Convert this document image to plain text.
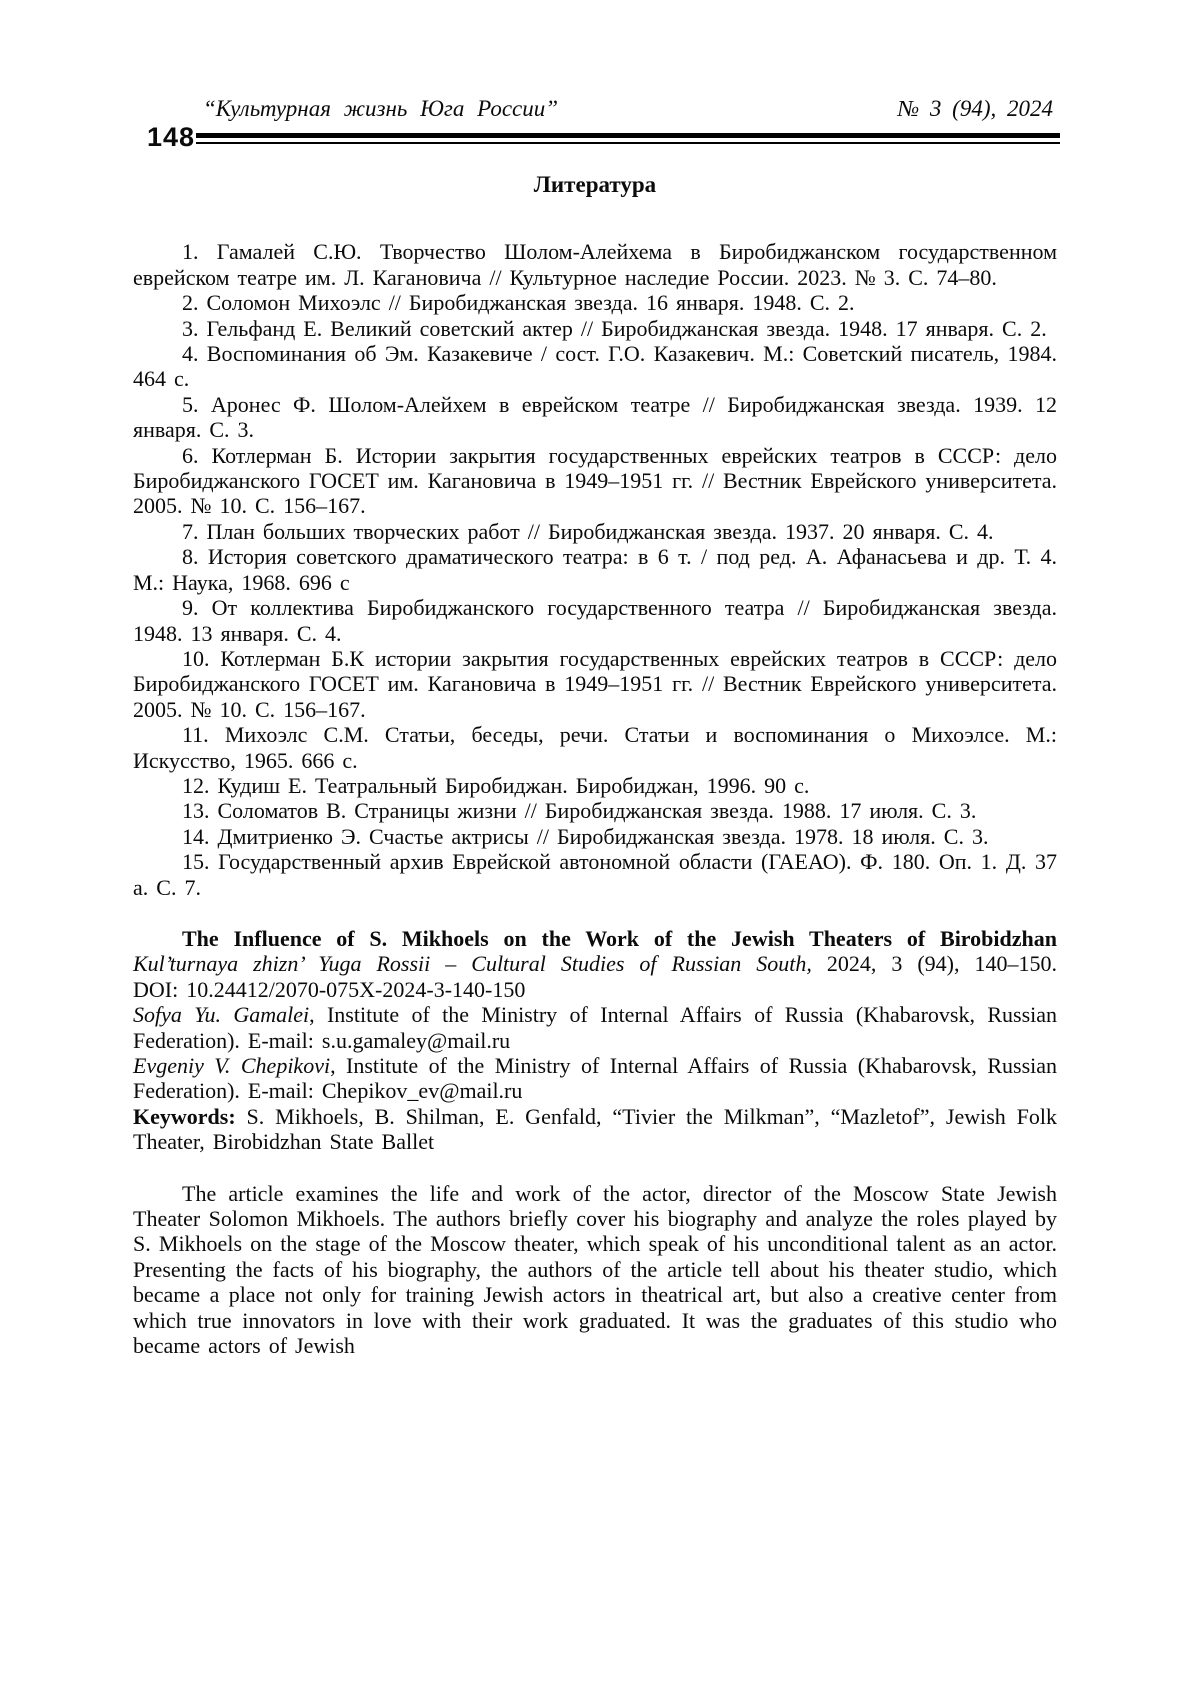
148
“Культурная жизнь Юга России”	№ 3 (94), 2024
Литература

1. Гамалей С.Ю. Творчество Шолом-Алейхема в Биробиджанском государственном еврейском театре им. Л. Кагановича // Культурное наследие России. 2023. № 3. С. 74–80.

2. Соломон Михоэлс // Биробиджанская звезда. 16 января. 1948. С. 2.

3. Гельфанд Е. Великий советский актер // Биробиджанская звезда. 1948. 17 января. С. 2.

4. Воспоминания об Эм. Казакевиче / сост. Г.О. Казакевич. М.: Советский писатель, 1984. 464 с.

5. Аронес Ф. Шолом-Алейхем в еврейском театре // Биробиджанская звезда. 1939. 12 января. С. 3.

6. Котлерман Б. Истории закрытия государственных еврейских театров в СССР: дело Биробиджанского ГОСЕТ им. Кагановича в 1949–1951 гг. // Вестник Еврейского университета. 2005. № 10. С. 156–167.

7. План больших творческих работ // Биробиджанская звезда. 1937. 20 января. С. 4.

8. История советского драматического театра: в 6 т. / под ред. А. Афанасьева и др. Т. 4. М.: Наука, 1968. 696 с

9. От коллектива Биробиджанского государственного театра // Биробиджанская звезда. 1948. 13 января. С. 4.

10. Котлерман Б.К истории закрытия государственных еврейских театров в СССР: дело Биробиджанского ГОСЕТ им. Кагановича в 1949–1951 гг. // Вестник Еврейского университета. 2005. № 10. С. 156–167.

11. Михоэлс С.М. Статьи, беседы, речи. Статьи и воспоминания о Михоэлсе. М.: Искусство, 1965. 666 с.

12. Кудиш Е. Театральный Биробиджан. Биробиджан, 1996. 90 с.

13. Соломатов В. Страницы жизни // Биробиджанская звезда. 1988. 17 июля. С. 3.

14. Дмитриенко Э. Счастье актрисы // Биробиджанская звезда. 1978. 18 июля. С. 3.

15. Государственный архив Еврейской автономной области (ГАЕАО). Ф. 180. Оп. 1. Д. 37 а. С. 7.

The Influence of S. Mikhoels on the Work of the Jewish Theaters of Birobidzhan

Kul’turnaya zhizn’ Yuga Rossii – Cultural Studies of Russian South, 2024, 3 (94), 140–150.

DOI: 10.24412/2070-075X-2024-3-140-150

Sofya Yu. Gamalei, Institute of the Ministry of Internal Affairs of Russia (Khabarovsk, Russian Federation). E-mail: s.u.gamaley@mail.ru

Evgeniy V. Chepikovi, Institute of the Ministry of Internal Affairs of Russia (Khabarovsk, Russian Federation). E-mail: Chepikov_ev@mail.ru

Keywords: S. Mikhoels, B. Shilman, E. Genfald, “Tivier the Milkman”, “Mazletof”, Jewish Folk Theater, Birobidzhan State Ballet

The article examines the life and work of the actor, director of the Moscow State Jewish Theater Solomon Mikhoels. The authors briefly cover his biography and analyze the roles played by S. Mikhoels on the stage of the Moscow theater, which speak of his unconditional talent as an actor. Presenting the facts of his biography, the authors of the article tell about his theater studio, which became a place not only for training Jewish actors in theatrical art, but also a creative center from which true innovators in love with their work graduated. It was the graduates of this studio who became actors of Jewish
